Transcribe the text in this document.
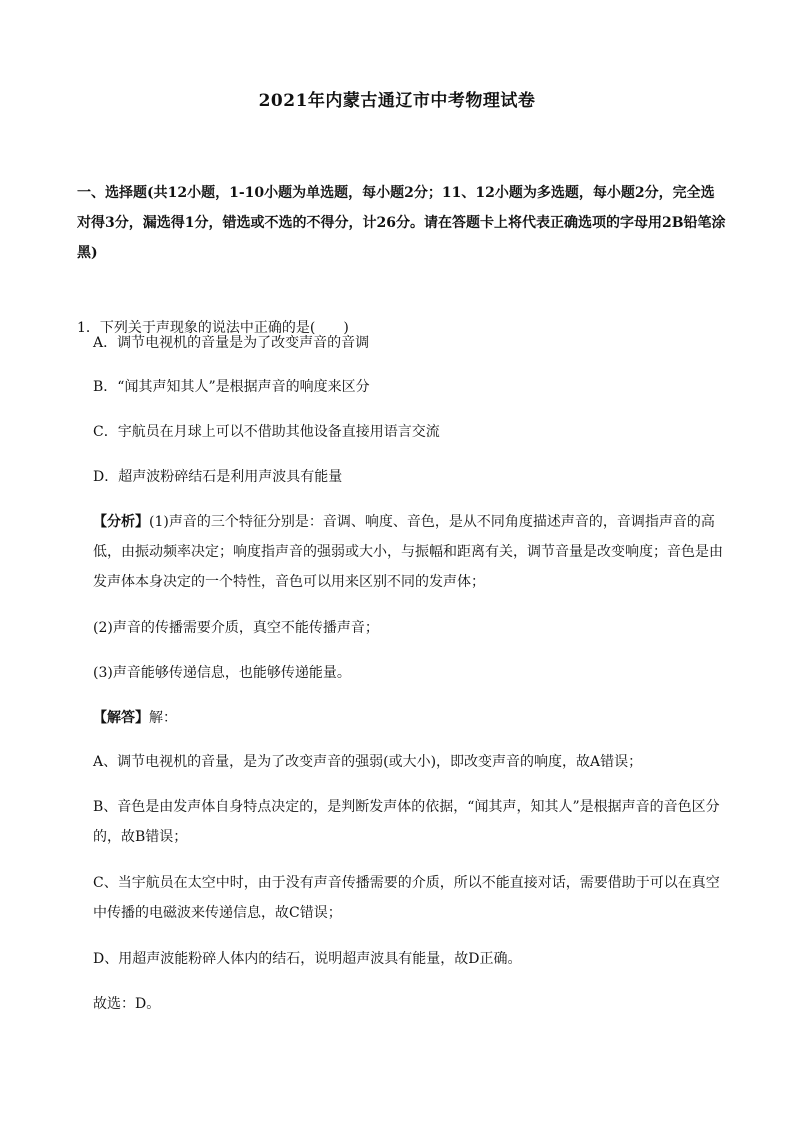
2021年内蒙古通辽市中考物理试卷
一、选择题(共12小题，1-10小题为单选题，每小题2分；11、12小题为多选题，每小题2分，完全选对得3分，漏选得1分，错选或不选的不得分，计26分。请在答题卡上将代表正确选项的字母用2B铅笔涂黑)
1．下列关于声现象的说法中正确的是(　　)
A．调节电视机的音量是为了改变声音的音调
B．“闻其声知其人”是根据声音的响度来区分
C．宇航员在月球上可以不借助其他设备直接用语言交流
D．超声波粉碎结石是利用声波具有能量
【分析】(1)声音的三个特征分别是：音调、响度、音色，是从不同角度描述声音的，音调指声音的高低，由振动频率决定；响度指声音的强弱或大小，与振幅和距离有关，调节音量是改变响度；音色是由发声体本身决定的一个特性，音色可以用来区别不同的发声体；
(2)声音的传播需要介质，真空不能传播声音；
(3)声音能够传递信息，也能够传递能量。
【解答】解：
A、调节电视机的音量，是为了改变声音的强弱(或大小)，即改变声音的响度，故A错误；
B、音色是由发声体自身特点决定的，是判断发声体的依据，“闻其声，知其人”是根据声音的音色区分的，故B错误；
C、当宇航员在太空中时，由于没有声音传播需要的介质，所以不能直接对话，需要借助于可以在真空中传播的电磁波来传递信息，故C错误；
D、用超声波能粉碎人体内的结石，说明超声波具有能量，故D正确。
故选：D。
